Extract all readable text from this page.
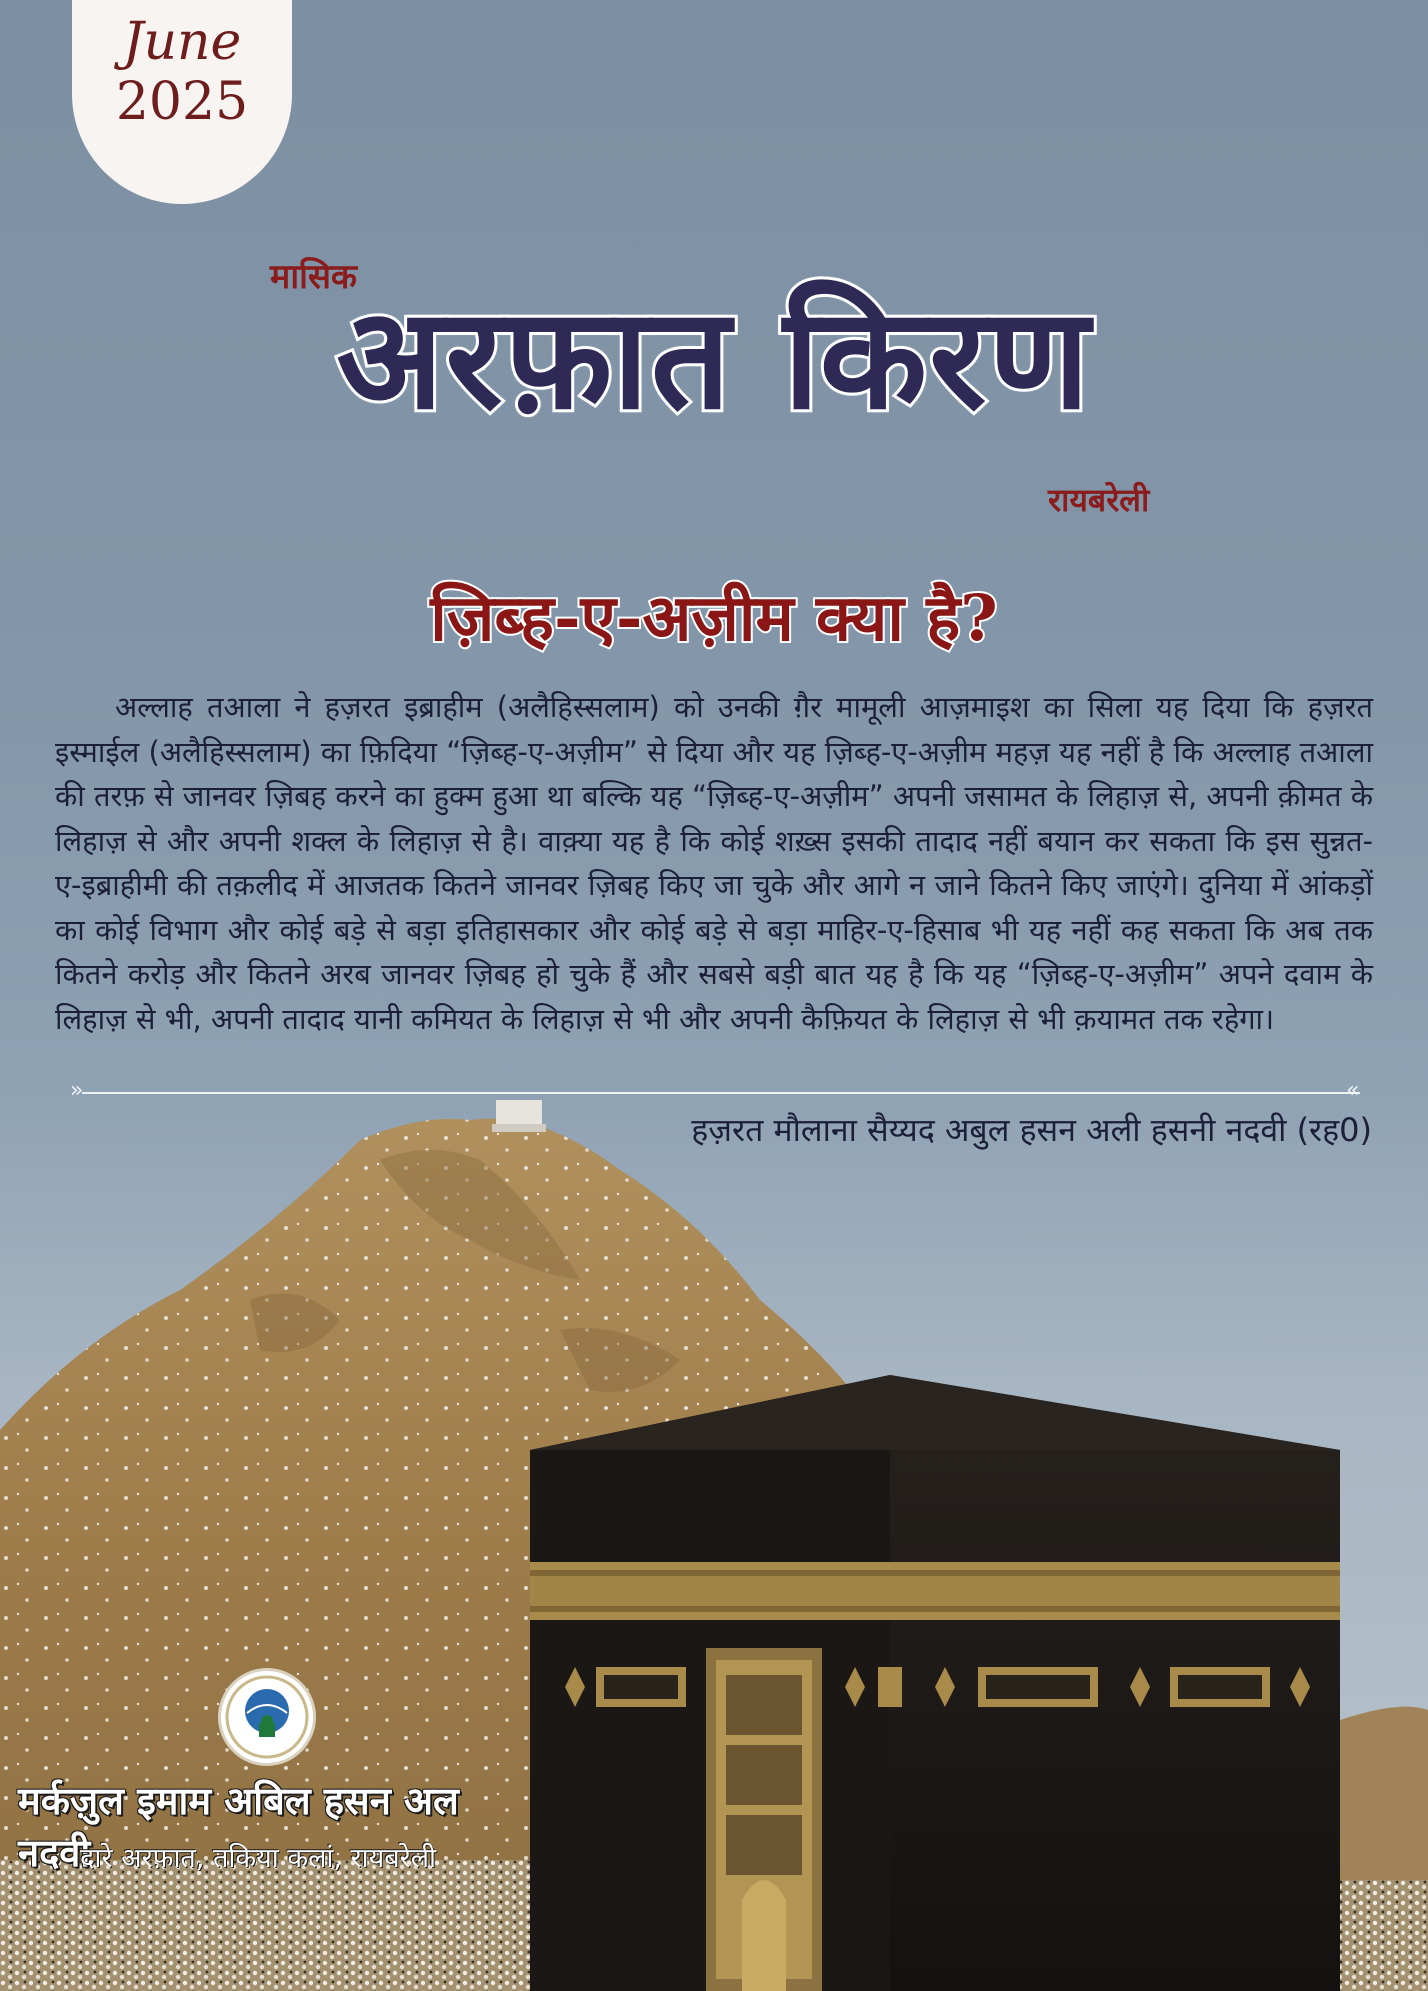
June
2025
मासिक
अरफ़ात किरण
रायबरेली
ज़िब्ह-ए-अज़ीम क्या है?
अल्लाह तआला ने हज़रत इब्राहीम (अलैहिस्सलाम) को उनकी ग़ैर मामूली आज़माइश का सिला यह दिया कि हज़रत इस्माईल (अलैहिस्सलाम) का फ़िदिया “ज़िब्ह-ए-अज़ीम” से दिया और यह ज़िब्ह-ए-अज़ीम महज़ यह नहीं है कि अल्लाह तआला की तरफ़ से जानवर ज़िबह करने का हुक्म हुआ था बल्कि यह “ज़िब्ह-ए-अज़ीम” अपनी जसामत के लिहाज़ से, अपनी क़ीमत के लिहाज़ से और अपनी शक्ल के लिहाज़ से है। वाक़्या यह है कि कोई शख़्स इसकी तादाद नहीं बयान कर सकता कि इस सुन्नत-ए-इब्राहीमी की तक़लीद में आजतक कितने जानवर ज़िबह किए जा चुके और आगे न जाने कितने किए जाएंगे। दुनिया में आंकड़ों का कोई विभाग और कोई बड़े से बड़ा इतिहासकार और कोई बड़े से बड़ा माहिर-ए-हिसाब भी यह नहीं कह सकता कि अब तक कितने करोड़ और कितने अरब जानवर ज़िबह हो चुके हैं और सबसे बड़ी बात यह है कि यह “ज़िब्ह-ए-अज़ीम” अपने दवाम के लिहाज़ से भी, अपनी तादाद यानी कमियत के लिहाज़ से भी और अपनी कैफ़ियत के लिहाज़ से भी क़यामत तक रहेगा।
»	«
हज़रत मौलाना सैय्यद अबुल हसन अली हसनी नदवी (रह0)
मर्कज़ुल इमाम अबिल हसन अल नदवी
दारे अरफ़ात, तकिया कलां, रायबरेली
